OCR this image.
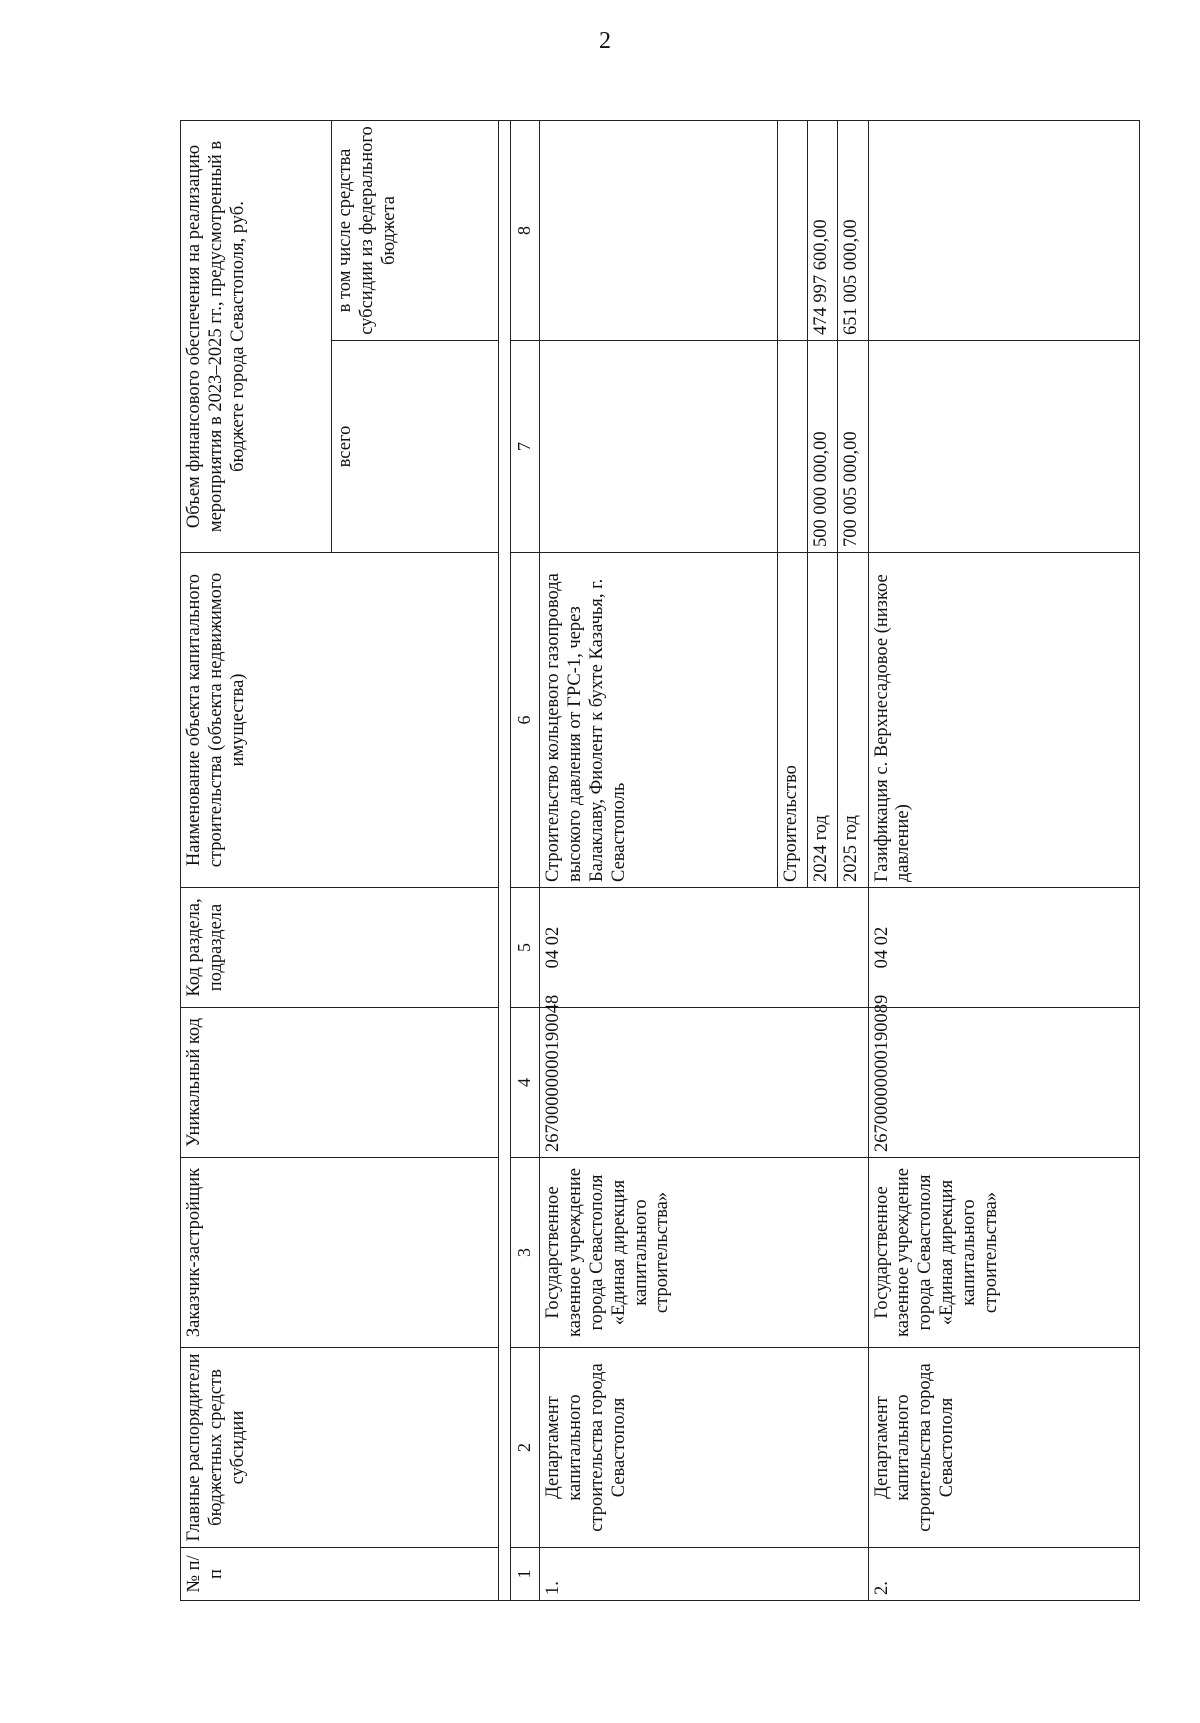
2
№ п/п	Главные распорядители бюджетных средств субсидии	Заказчик-застройщик	Уникальный код	Код раздела, подраздела	Наименование объекта капитального строительства (объекта недвижимого имущества)	Объем финансового обеспечения на реализацию мероприятия в 2023–2025 гг., предусмотренный в бюджете города Севастополя, руб.	
						всего	в том числе средства субсидии из федерального бюджета

1	2	3	4	5	6	7	8
1.	Департамент капитального строительства города Севастополя	Государственное казенное учреждение города Севастополя «Единая дирекция капитального строительства»	26700000000190048	04 02	Строительство кольцевого газопровода высокого давления от ГРС-1, через Балаклаву, Фиолент к бухте Казачья, г. Севастополь		
					Строительство		
					2024 год	500 000 000,00	474 997 600,00
					2025 год	700 005 000,00	651 005 000,00
2.	Департамент капитального строительства города Севастополя	Государственное казенное учреждение города Севастополя «Единая дирекция капитального строительства»	26700000000190089	04 02	Газификация с. Верхнесадовое (низкое давление)		
